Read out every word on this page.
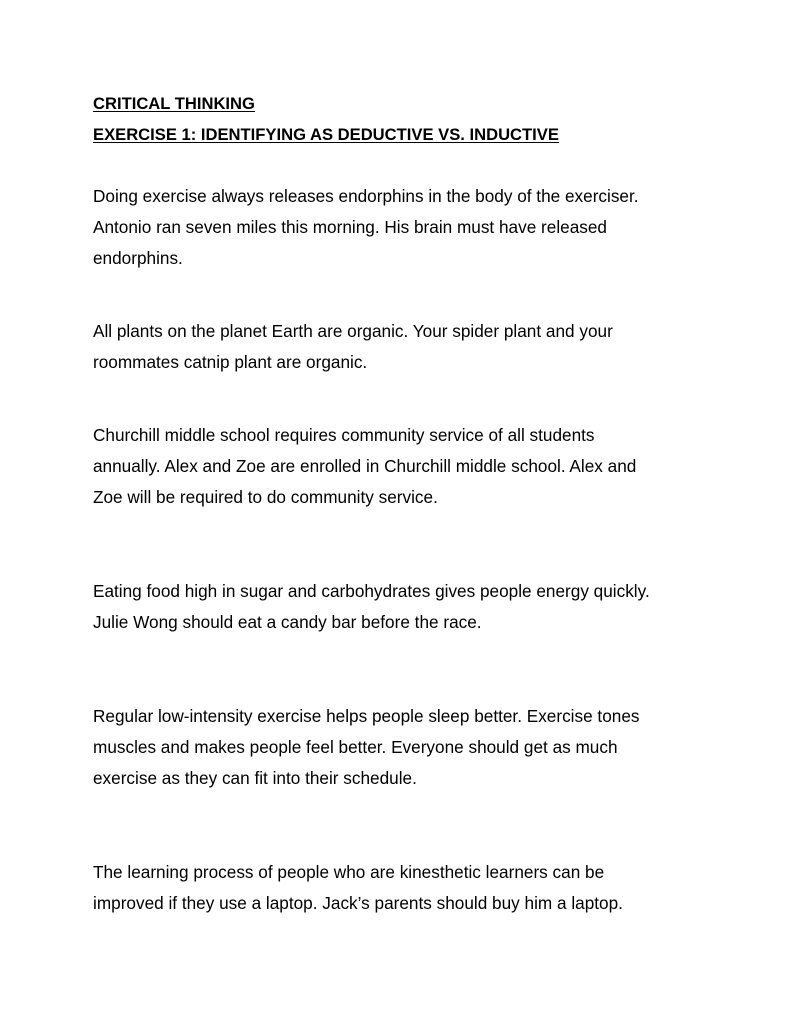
CRITICAL THINKING
EXERCISE 1: IDENTIFYING AS DEDUCTIVE VS. INDUCTIVE
Doing exercise always releases endorphins in the body of the exerciser.
Antonio ran seven miles this morning. His brain must have released
endorphins.
All plants on the planet Earth are organic. Your spider plant and your
roommates catnip plant are organic.
Churchill middle school requires community service of all students
annually. Alex and Zoe are enrolled in Churchill middle school. Alex and
Zoe will be required to do community service.
Eating food high in sugar and carbohydrates gives people energy quickly.
Julie Wong should eat a candy bar before the race.
Regular low-intensity exercise helps people sleep better. Exercise tones
muscles and makes people feel better. Everyone should get as much
exercise as they can fit into their schedule.
The learning process of people who are kinesthetic learners can be
improved if they use a laptop. Jack’s parents should buy him a laptop.
